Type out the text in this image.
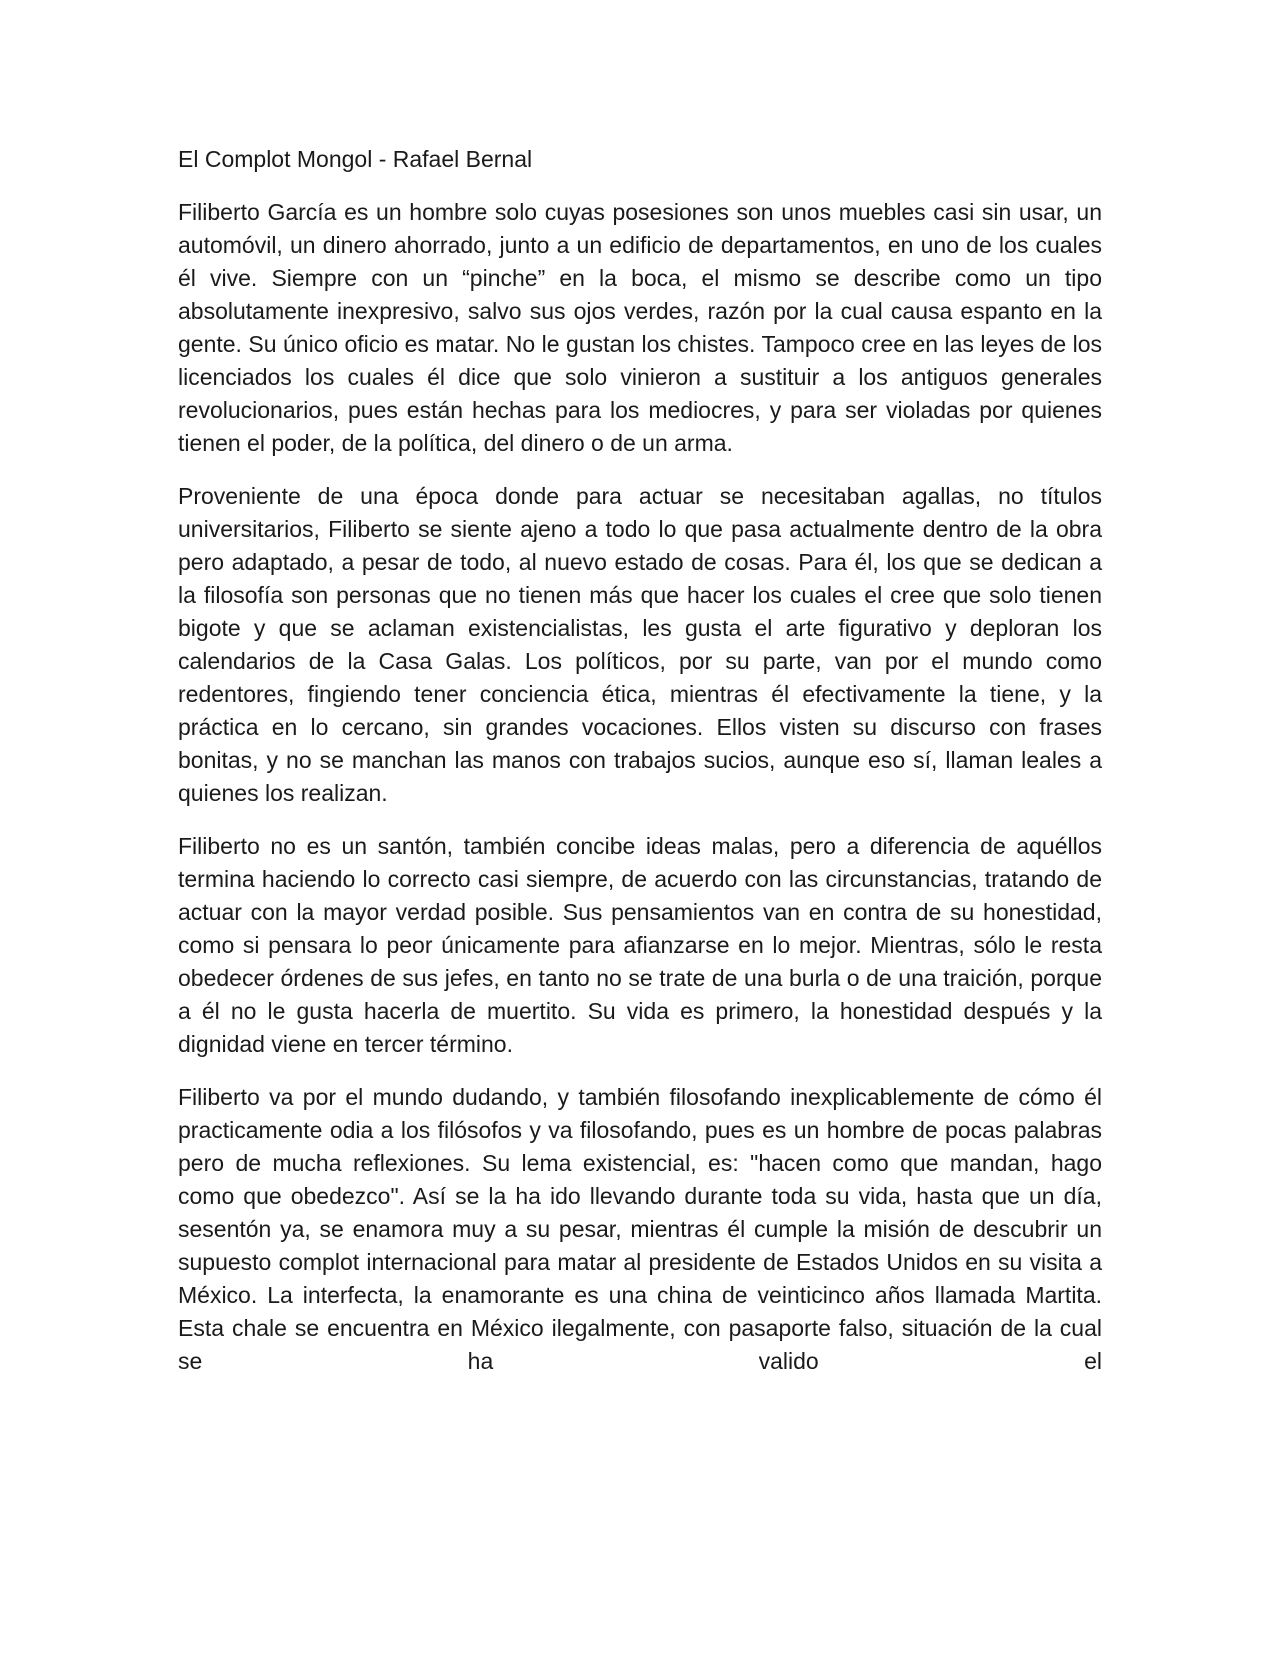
El Complot Mongol - Rafael Bernal

Filiberto García es un hombre solo cuyas posesiones son unos muebles casi sin usar, un automóvil, un dinero ahorrado, junto a un edificio de departamentos, en uno de los cuales él vive. Siempre con un “pinche” en la boca, el mismo se describe como un tipo absolutamente inexpresivo, salvo sus ojos verdes, razón por la cual causa espanto en la gente. Su único oficio es matar. No le gustan los chistes. Tampoco cree en las leyes de los licenciados los cuales él dice que solo vinieron a sustituir a los antiguos generales revolucionarios, pues están hechas para los mediocres, y para ser violadas por quienes tienen el poder, de la política, del dinero o de un arma.

Proveniente de una época donde para actuar se necesitaban agallas, no títulos universitarios, Filiberto se siente ajeno a todo lo que pasa actualmente dentro de la obra pero adaptado, a pesar de todo, al nuevo estado de cosas. Para él, los que se dedican a la filosofía son personas que no tienen más que hacer los cuales el cree que solo tienen bigote y que se aclaman existencialistas, les gusta el arte figurativo y deploran los calendarios de la Casa Galas. Los políticos, por su parte, van por el mundo como redentores, fingiendo tener conciencia ética, mientras él efectivamente la tiene, y la práctica en lo cercano, sin grandes vocaciones. Ellos visten su discurso con frases bonitas, y no se manchan las manos con trabajos sucios, aunque eso sí, llaman leales a quienes los realizan.

Filiberto no es un santón, también concibe ideas malas, pero a diferencia de aquéllos termina haciendo lo correcto casi siempre, de acuerdo con las circunstancias, tratando de actuar con la mayor verdad posible. Sus pensamientos van en contra de su honestidad, como si pensara lo peor únicamente para afianzarse en lo mejor. Mientras, sólo le resta obedecer órdenes de sus jefes, en tanto no se trate de una burla o de una traición, porque a él no le gusta hacerla de muertito. Su vida es primero, la honestidad después y la dignidad viene en tercer término.

Filiberto va por el mundo dudando, y también filosofando inexplicablemente de cómo él practicamente odia a los filósofos y va filosofando, pues es un hombre de pocas palabras pero de mucha reflexiones. Su lema existencial, es: "hacen como que mandan, hago como que obedezco". Así se la ha ido llevando durante toda su vida, hasta que un día, sesentón ya, se enamora muy a su pesar, mientras él cumple la misión de descubrir un supuesto complot internacional para matar al presidente de Estados Unidos en su visita a México. La interfecta, la enamorante es una china de veinticinco años llamada Martita. Esta chale se encuentra en México ilegalmente, con pasaporte falso, situación de la cual se ha valido el
